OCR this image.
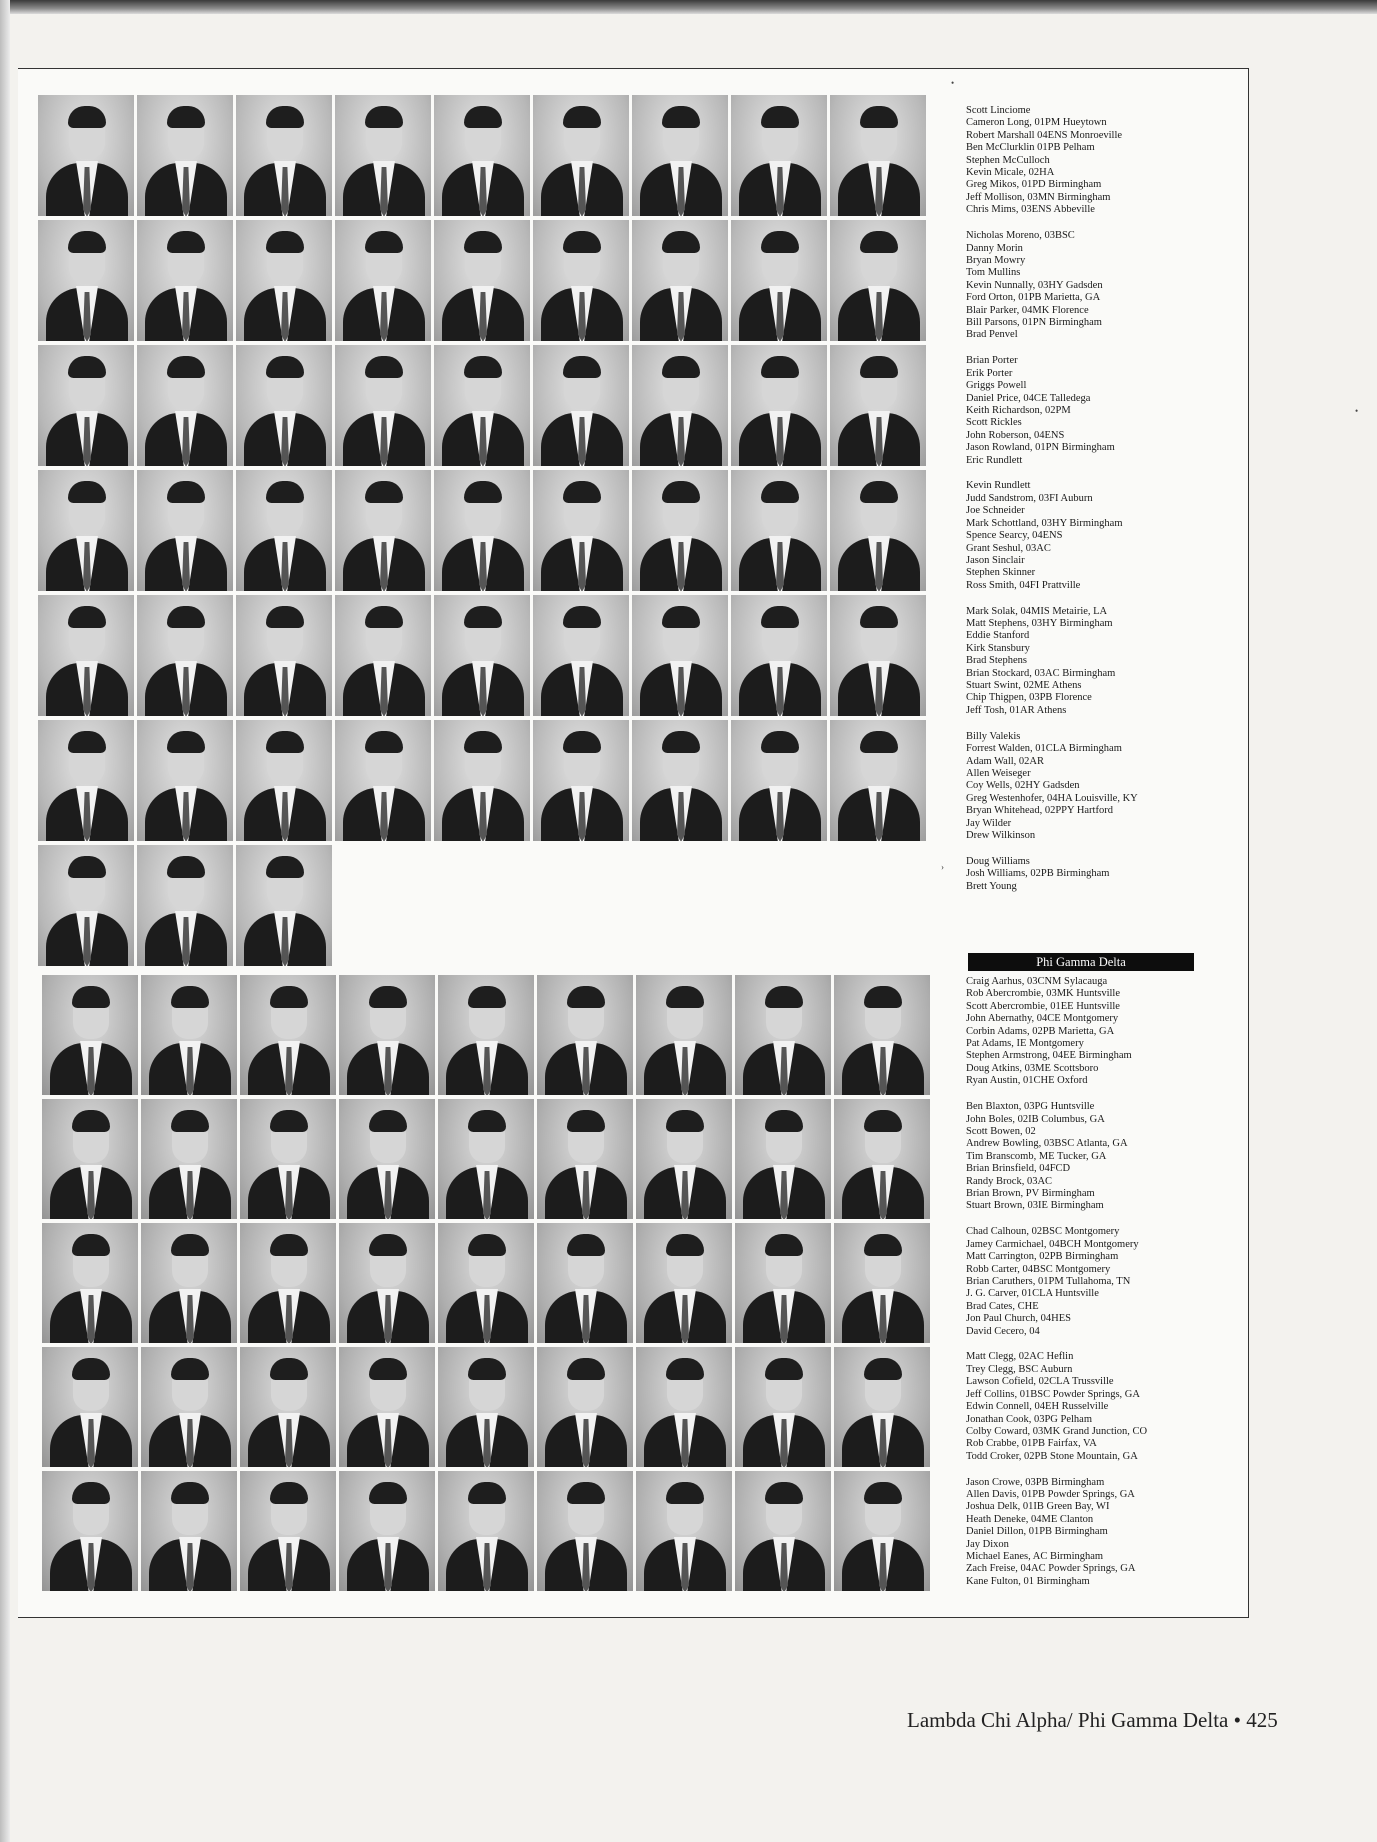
•
›
•
Scott Linciome
Cameron Long, 01PM Hueytown
Robert Marshall 04ENS Monroeville
Ben McClurklin 01PB Pelham
Stephen McCulloch
Kevin Micale, 02HA
Greg Mikos, 01PD Birmingham
Jeff Mollison, 03MN Birmingham
Chris Mims, 03ENS Abbeville
Nicholas Moreno, 03BSC
Danny Morin
Bryan Mowry
Tom Mullins
Kevin Nunnally, 03HY Gadsden
Ford Orton, 01PB Marietta, GA
Blair Parker, 04MK Florence
Bill Parsons, 01PN Birmingham
Brad Penvel
Brian Porter
Erik Porter
Griggs Powell
Daniel Price, 04CE Talledega
Keith Richardson, 02PM
Scott Rickles
John Roberson, 04ENS
Jason Rowland, 01PN Birmingham
Eric Rundlett
Kevin Rundlett
Judd Sandstrom, 03FI Auburn
Joe Schneider
Mark Schottland, 03HY Birmingham
Spence Searcy, 04ENS
Grant Seshul, 03AC
Jason Sinclair
Stephen Skinner
Ross Smith, 04FI Prattville
Mark Solak, 04MIS Metairie, LA
Matt Stephens, 03HY Birmingham
Eddie Stanford
Kirk Stansbury
Brad Stephens
Brian Stockard, 03AC Birmingham
Stuart Swint, 02ME Athens
Chip Thigpen, 03PB Florence
Jeff Tosh, 01AR Athens
Billy Valekis
Forrest Walden, 01CLA Birmingham
Adam Wall, 02AR
Allen Weiseger
Coy Wells, 02HY Gadsden
Greg Westenhofer, 04HA Louisville, KY
Bryan Whitehead, 02PPY Hartford
Jay Wilder
Drew Wilkinson
Doug Williams
Josh Williams, 02PB Birmingham
Brett Young
Phi Gamma Delta
Craig Aarhus, 03CNM Sylacauga
Rob Abercrombie, 03MK Huntsville
Scott Abercrombie, 01EE Huntsville
John Abernathy, 04CE Montgomery
Corbin Adams, 02PB Marietta, GA
Pat Adams, IE Montgomery
Stephen Armstrong, 04EE Birmingham
Doug Atkins, 03ME Scottsboro
Ryan Austin, 01CHE Oxford
Ben Blaxton, 03PG Huntsville
John Boles, 02IB Columbus, GA
Scott Bowen, 02
Andrew Bowling, 03BSC Atlanta, GA
Tim Branscomb, ME Tucker, GA
Brian Brinsfield, 04FCD
Randy Brock, 03AC
Brian Brown, PV Birmingham
Stuart Brown, 03IE Birmingham
Chad Calhoun, 02BSC Montgomery
Jamey Carmichael, 04BCH Montgomery
Matt Carrington, 02PB Birmingham
Robb Carter, 04BSC Montgomery
Brian Caruthers, 01PM Tullahoma, TN
J. G. Carver, 01CLA Huntsville
Brad Cates, CHE
Jon Paul Church, 04HES
David Cecero, 04
Matt Clegg, 02AC Heflin
Trey Clegg, BSC Auburn
Lawson Cofield, 02CLA Trussville
Jeff Collins, 01BSC Powder Springs, GA
Edwin Connell, 04EH Russelville
Jonathan Cook, 03PG Pelham
Colby Coward, 03MK Grand Junction, CO
Rob Crabbe, 01PB Fairfax, VA
Todd Croker, 02PB Stone Mountain, GA
Jason Crowe, 03PB Birmingham
Allen Davis, 01PB Powder Springs, GA
Joshua Delk, 01IB Green Bay, WI
Heath Deneke, 04ME Clanton
Daniel Dillon, 01PB Birmingham
Jay Dixon
Michael Eanes, AC Birmingham
Zach Freise, 04AC Powder Springs, GA
Kane Fulton, 01 Birmingham
Lambda Chi Alpha/ Phi Gamma Delta • 425
